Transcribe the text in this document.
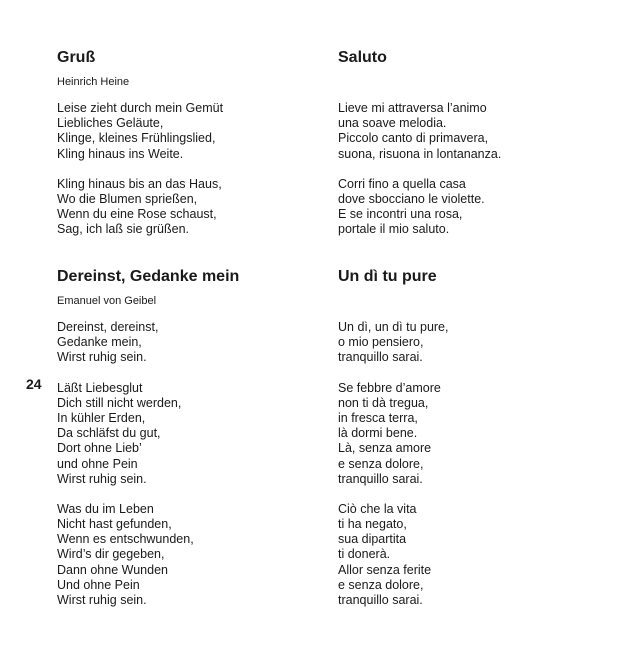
24
Gruß
Heinrich Heine
Leise zieht durch mein Gemüt
Liebliches Geläute,
Klinge, kleines Frühlingslied,
Kling hinaus ins Weite.
Kling hinaus bis an das Haus,
Wo die Blumen sprießen,
Wenn du eine Rose schaust,
Sag, ich laß sie grüßen.
Dereinst, Gedanke mein
Emanuel von Geibel
Dereinst, dereinst,
Gedanke mein,
Wirst ruhig sein.
Läßt Liebesglut
Dich still nicht werden,
In kühler Erden,
Da schläfst du gut,
Dort ohne Lieb’
und ohne Pein
Wirst ruhig sein.
Was du im Leben
Nicht hast gefunden,
Wenn es entschwunden,
Wird’s dir gegeben,
Dann ohne Wunden
Und ohne Pein
Wirst ruhig sein.
Saluto
Lieve mi attraversa l’animo
una soave melodia.
Piccolo canto di primavera,
suona, risuona in lontananza.
Corri fino a quella casa
dove sbocciano le violette.
E se incontri una rosa,
portale il mio saluto.
Un dì tu pure
Un dì, un dì tu pure,
o mio pensiero,
tranquillo sarai.
Se febbre d’amore
non ti dà tregua,
in fresca terra,
là dormi bene.
Là, senza amore
e senza dolore,
tranquillo sarai.
Ciò che la vita
ti ha negato,
sua dipartita
ti donerà.
Allor senza ferite
e senza dolore,
tranquillo sarai.
